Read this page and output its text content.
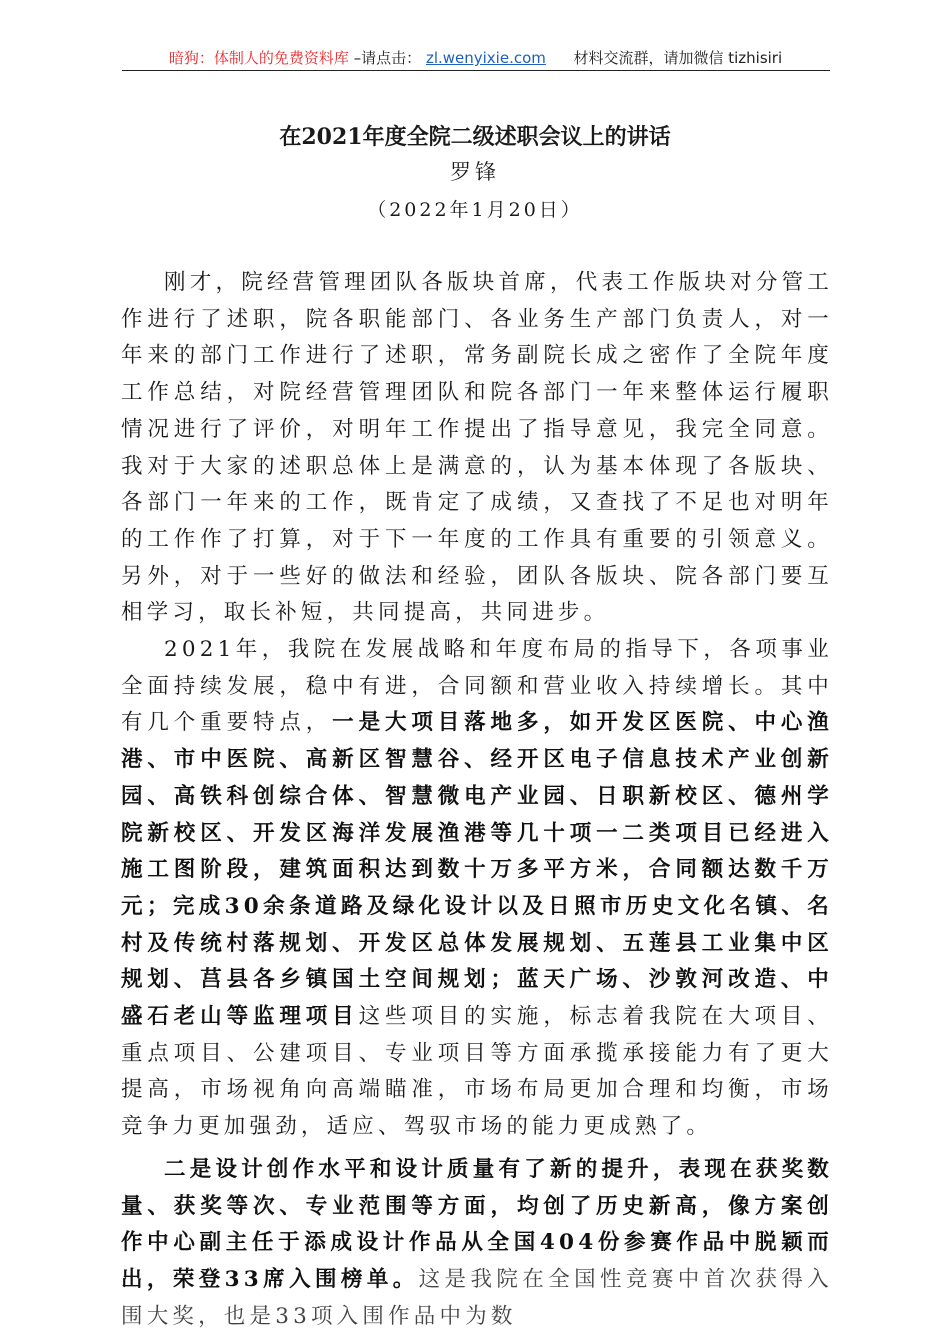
暗狗：体制人的免费资料库 –请点击： zl.wenyixie.com 材料交流群，请加微信 tizhisiri
在2021年度全院二级述职会议上的讲话
罗锋
（2022年1月20日）

刚才，院经营管理团队各版块首席，代表工作版块对分管工作进行了述职，院各职能部门、各业务生产部门负责人，对一年来的部门工作进行了述职，常务副院长成之密作了全院年度工作总结，对院经营管理团队和院各部门一年来整体运行履职情况进行了评价，对明年工作提出了指导意见，我完全同意。我对于大家的述职总体上是满意的，认为基本体现了各版块、各部门一年来的工作，既肯定了成绩，又查找了不足也对明年的工作作了打算，对于下一年度的工作具有重要的引领意义。另外，对于一些好的做法和经验，团队各版块、院各部门要互相学习，取长补短，共同提高，共同进步。

2021年，我院在发展战略和年度布局的指导下，各项事业全面持续发展，稳中有进，合同额和营业收入持续增长。其中有几个重要特点，一是大项目落地多，如开发区医院、中心渔港、市中医院、高新区智慧谷、经开区电子信息技术产业创新园、高铁科创综合体、智慧微电产业园、日职新校区、德州学院新校区、开发区海洋发展渔港等几十项一二类项目已经进入施工图阶段，建筑面积达到数十万多平方米，合同额达数千万元；完成30余条道路及绿化设计以及日照市历史文化名镇、名村及传统村落规划、开发区总体发展规划、五莲县工业集中区规划、莒县各乡镇国土空间规划；蓝天广场、沙敦河改造、中盛石老山等监理项目这些项目的实施，标志着我院在大项目、重点项目、公建项目、专业项目等方面承揽承接能力有了更大提高，市场视角向高端瞄准，市场布局更加合理和均衡，市场竞争力更加强劲，适应、驾驭市场的能力更成熟了。

二是设计创作水平和设计质量有了新的提升，表现在获奖数量、获奖等次、专业范围等方面，均创了历史新高，像方案创作中心副主任于添成设计作品从全国404份参赛作品中脱颖而出，荣登33席入围榜单。这是我院在全国性竞赛中首次获得入围大奖，也是33项入围作品中为数
